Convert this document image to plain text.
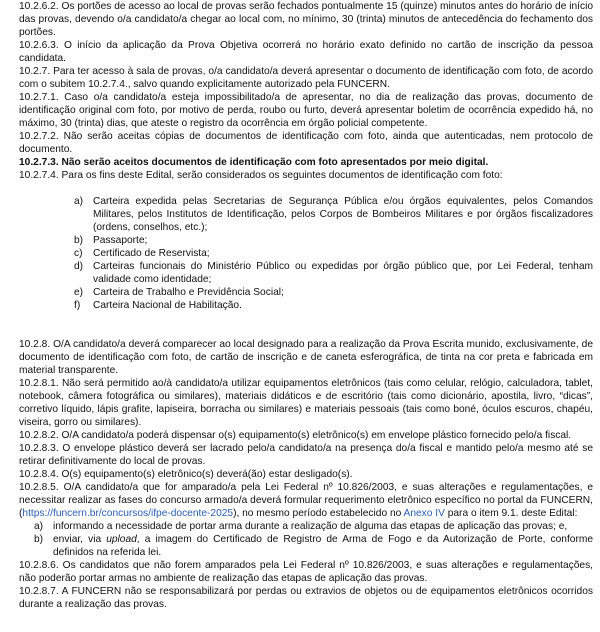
10.2.6.2. Os portões de acesso ao local de provas serão fechados pontualmente 15 (quinze) minutos antes do horário de início das provas, devendo o/a candidato/a chegar ao local com, no mínimo, 30 (trinta) minutos de antecedência do fechamento dos portões.

10.2.6.3. O início da aplicação da Prova Objetiva ocorrerá no horário exato definido no cartão de inscrição da pessoa candidata.

10.2.7. Para ter acesso à sala de provas, o/a candidato/a deverá apresentar o documento de identificação com foto, de acordo com o subitem 10.2.7.4., salvo quando explicitamente autorizado pela FUNCERN.

10.2.7.1. Caso o/a candidato/a esteja impossibilitado/a de apresentar, no dia de realização das provas, documento de identificação original com foto, por motivo de perda, roubo ou furto, deverá apresentar boletim de ocorrência expedido há, no máximo, 30 (trinta) dias, que ateste o registro da ocorrência em órgão policial competente.

10.2.7.2. Não serão aceitas cópias de documentos de identificação com foto, ainda que autenticadas, nem protocolo de documento.

10.2.7.3. Não serão aceitos documentos de identificação com foto apresentados por meio digital.

10.2.7.4. Para os fins deste Edital, serão considerados os seguintes documentos de identificação com foto:

a) Carteira expedida pelas Secretarias de Segurança Pública e/ou órgãos equivalentes, pelos Comandos Militares, pelos Institutos de Identificação, pelos Corpos de Bombeiros Militares e por órgãos fiscalizadores (ordens, conselhos, etc.);
b) Passaporte;
c) Certificado de Reservista;
d) Carteiras funcionais do Ministério Público ou expedidas por órgão público que, por Lei Federal, tenham validade como identidade;
e) Carteira de Trabalho e Previdência Social;
f) Carteira Nacional de Habilitação.

10.2.8. O/A candidato/a deverá comparecer ao local designado para a realização da Prova Escrita munido, exclusivamente, de documento de identificação com foto, de cartão de inscrição e de caneta esferográfica, de tinta na cor preta e fabricada em material transparente.

10.2.8.1. Não será permitido ao/à candidato/a utilizar equipamentos eletrônicos (tais como celular, relógio, calculadora, tablet, notebook, câmera fotográfica ou similares), materiais didáticos e de escritório (tais como dicionário, apostila, livro, “dicas”, corretivo líquido, lápis grafite, lapiseira, borracha ou similares) e materiais pessoais (tais como boné, óculos escuros, chapéu, viseira, gorro ou similares).

10.2.8.2. O/A candidato/a poderá dispensar o(s) equipamento(s) eletrônico(s) em envelope plástico fornecido pelo/a fiscal.

10.2.8.3. O envelope plástico deverá ser lacrado pelo/a candidato/a na presença do/a fiscal e mantido pelo/a mesmo até se retirar definitivamente do local de provas.

10.2.8.4. O(s) equipamento(s) eletrônico(s) deverá(ão) estar desligado(s).

10.2.8.5. O/A candidato/a que for amparado/a pela Lei Federal nº 10.826/2003, e suas alterações e regulamentações, e necessitar realizar as fases do concurso armado/a deverá formular requerimento eletrônico específico no portal da FUNCERN, (https://funcern.br/concursos/ifpe-docente-2025), no mesmo período estabelecido no Anexo IV para o item 9.1. deste Edital:

a) informando a necessidade de portar arma durante a realização de alguma das etapas de aplicação das provas; e,
b) enviar, via upload, a imagem do Certificado de Registro de Arma de Fogo e da Autorização de Porte, conforme definidos na referida lei.

10.2.8.6. Os candidatos que não forem amparados pela Lei Federal nº 10.826/2003, e suas alterações e regulamentações, não poderão portar armas no ambiente de realização das etapas de aplicação das provas.

10.2.8.7. A FUNCERN não se responsabilizará por perdas ou extravios de objetos ou de equipamentos eletrônicos ocorridos durante a realização das provas.
